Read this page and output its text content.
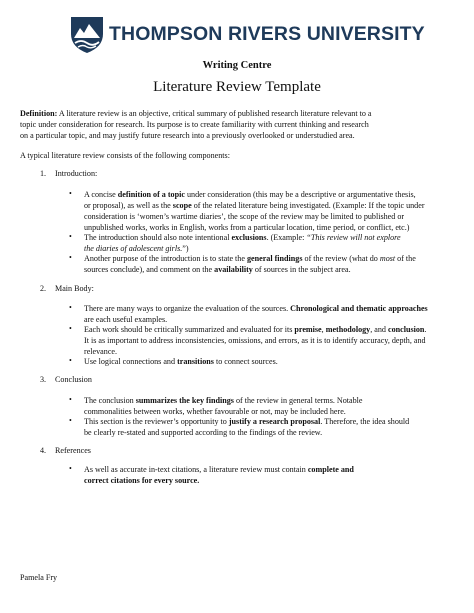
THOMPSON RIVERS UNIVERSITY
Writing Centre
Literature Review Template
Definition: A literature review is an objective, critical summary of published research literature relevant to a
topic under consideration for research. Its purpose is to create familiarity with current thinking and research
on a particular topic, and may justify future research into a previously overlooked or understudied area.
A typical literature review consists of the following components:
1. Introduction:
• A concise definition of a topic under consideration (this may be a descriptive or argumentative thesis,
or proposal), as well as the scope of the related literature being investigated. (Example: If the topic under
consideration is ‘women’s wartime diaries’, the scope of the review may be limited to published or
unpublished works, works in English, works from a particular location, time period, or conflict, etc.)
• The introduction should also note intentional exclusions. (Example: “This review will not explore
the diaries of adolescent girls.”)
• Another purpose of the introduction is to state the general findings of the review (what do most of the
sources conclude), and comment on the availability of sources in the subject area.
2. Main Body:
• There are many ways to organize the evaluation of the sources. Chronological and thematic approaches
are each useful examples.
• Each work should be critically summarized and evaluated for its premise, methodology, and conclusion.
It is as important to address inconsistencies, omissions, and errors, as it is to identify accuracy, depth, and
relevance.
• Use logical connections and transitions to connect sources.
3. Conclusion
• The conclusion summarizes the key findings of the review in general terms. Notable
commonalities between works, whether favourable or not, may be included here.
• This section is the reviewer’s opportunity to justify a research proposal. Therefore, the idea should
be clearly re-stated and supported according to the findings of the review.
4. References
• As well as accurate in-text citations, a literature review must contain complete and
correct citations for every source.
Pamela Fry
